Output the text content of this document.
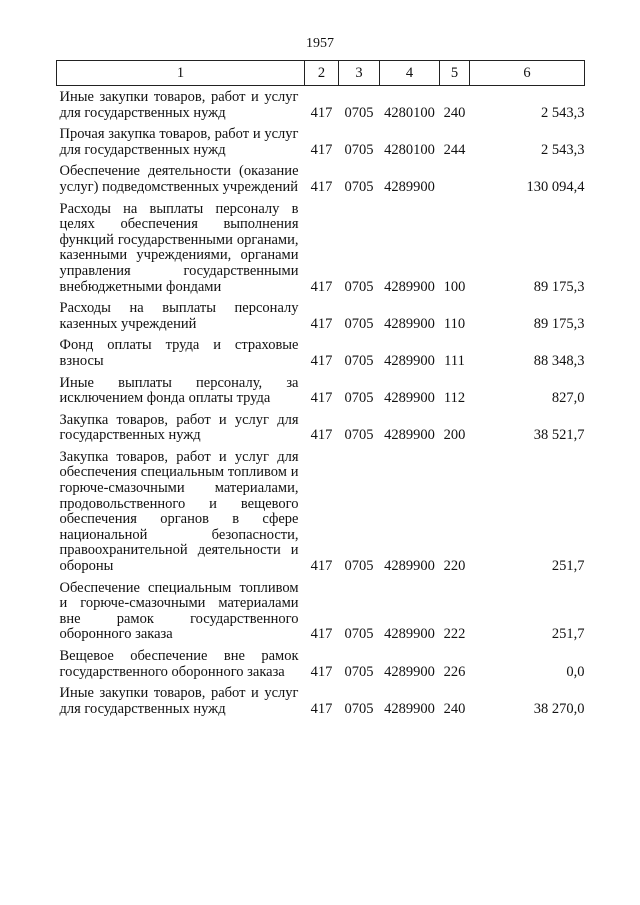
1957
1	2	3	4	5	6
Иные закупки товаров, работ и услуг для государственных нужд	417	0705	4280100	240	2 543,3
Прочая закупка товаров, работ и услуг для государственных нужд	417	0705	4280100	244	2 543,3
Обеспечение деятельности (оказание услуг) подведомственных учреждений	417	0705	4289900		130 094,4
Расходы на выплаты персоналу в целях обеспечения выполнения функций государственными органами, казенными учреждениями, органами управления государственными внебюджетными фондами	417	0705	4289900	100	89 175,3
Расходы на выплаты персоналу казенных учреждений	417	0705	4289900	110	89 175,3
Фонд оплаты труда и страховые взносы	417	0705	4289900	111	88 348,3
Иные выплаты персоналу, за исключением фонда оплаты труда	417	0705	4289900	112	827,0
Закупка товаров, работ и услуг для государственных нужд	417	0705	4289900	200	38 521,7
Закупка товаров, работ и услуг для обеспечения специальным топливом и горюче-смазочными материалами, продовольственного и вещевого обеспечения органов в сфере национальной безопасности, правоохранительной деятельности и обороны	417	0705	4289900	220	251,7
Обеспечение специальным топливом и горюче-смазочными материалами вне рамок государственного оборонного заказа	417	0705	4289900	222	251,7
Вещевое обеспечение вне рамок государственного оборонного заказа	417	0705	4289900	226	0,0
Иные закупки товаров, работ и услуг для государственных нужд	417	0705	4289900	240	38 270,0
